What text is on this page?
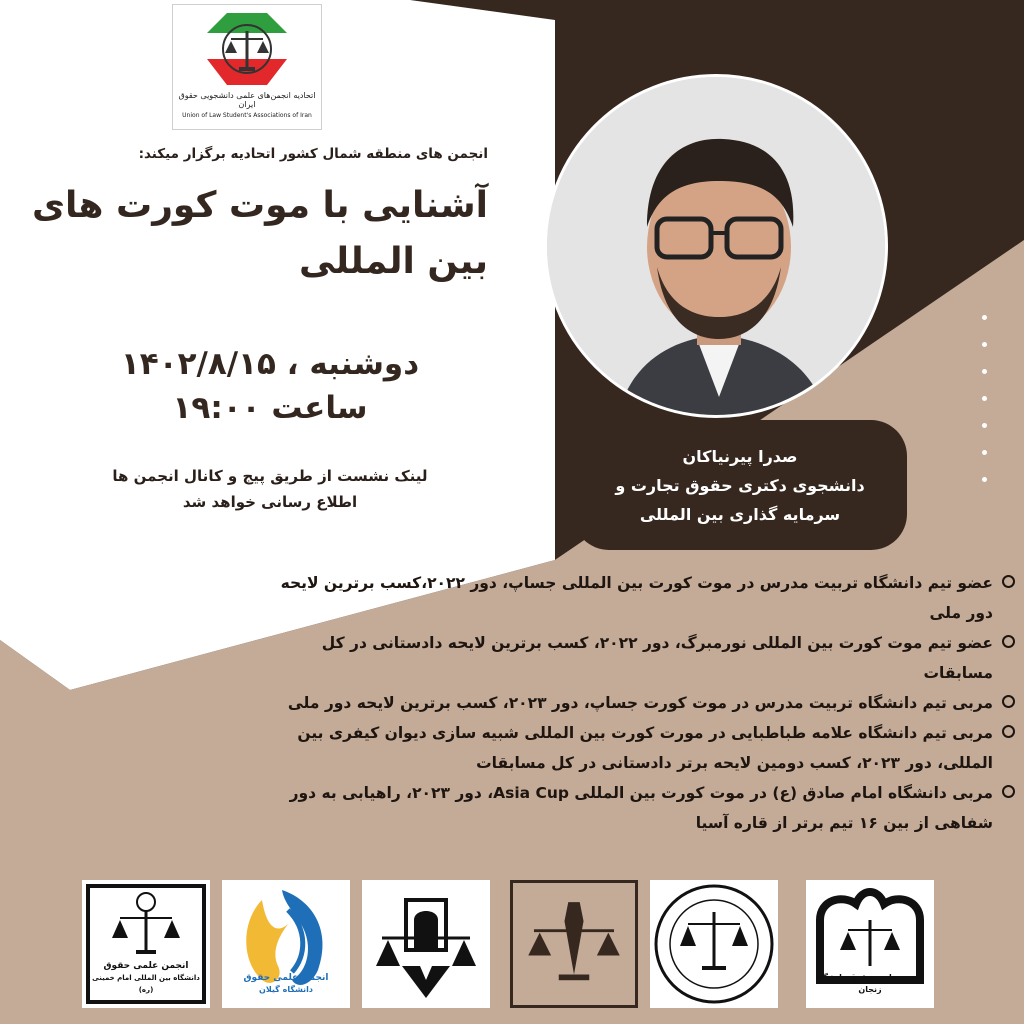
اتحادیه انجمن‌های علمی دانشجویی حقوق ایران
Union of Law Student's Associations of Iran
انجمن های منطقه شمال کشور اتحادیه برگزار میکند:
آشنایی با موت کورت های
بین المللی
دوشنبه ، ۱۴۰۲/۸/۱۵
ساعت ۱۹:۰۰
لینک نشست از طریق پیج و کانال انجمن ها
اطلاع رسانی خواهد شد
صدرا پیرنیاکان
دانشجوی دکتری حقوق تجارت و
سرمایه گذاری بین المللی
عضو تیم دانشگاه تربیت مدرس در موت کورت بین المللی جساپ، دور ۲۰۲۲،کسب برترین لایحه دور ملی
عضو تیم موت کورت بین المللی نورمبرگ، دور ۲۰۲۲، کسب برترین لایحه دادستانی در کل مسابقات
مربی تیم دانشگاه تربیت مدرس در موت کورت جساپ، دور ۲۰۲۳، کسب برترین لایحه دور ملی
مربی تیم دانشگاه علامه طباطبایی در مورت کورت بین المللی شبیه سازی دیوان کیفری بین المللی، دور ۲۰۲۳، کسب دومین لایحه برتر دادستانی در کل مسابقات
مربی دانشگاه امام صادق (ع) در موت کورت بین المللی Asia Cup، دور ۲۰۲۳، راهیابی به دور شفاهی از بین ۱۶ تیم برتر از قاره آسیا
انجمن علمی حقوق
دانشگاه بین المللی امام خمینی (ره)
انجمن علمی حقوق
دانشگاه گیلان
انجمن علمی حقوق دانشگاه زنجان
